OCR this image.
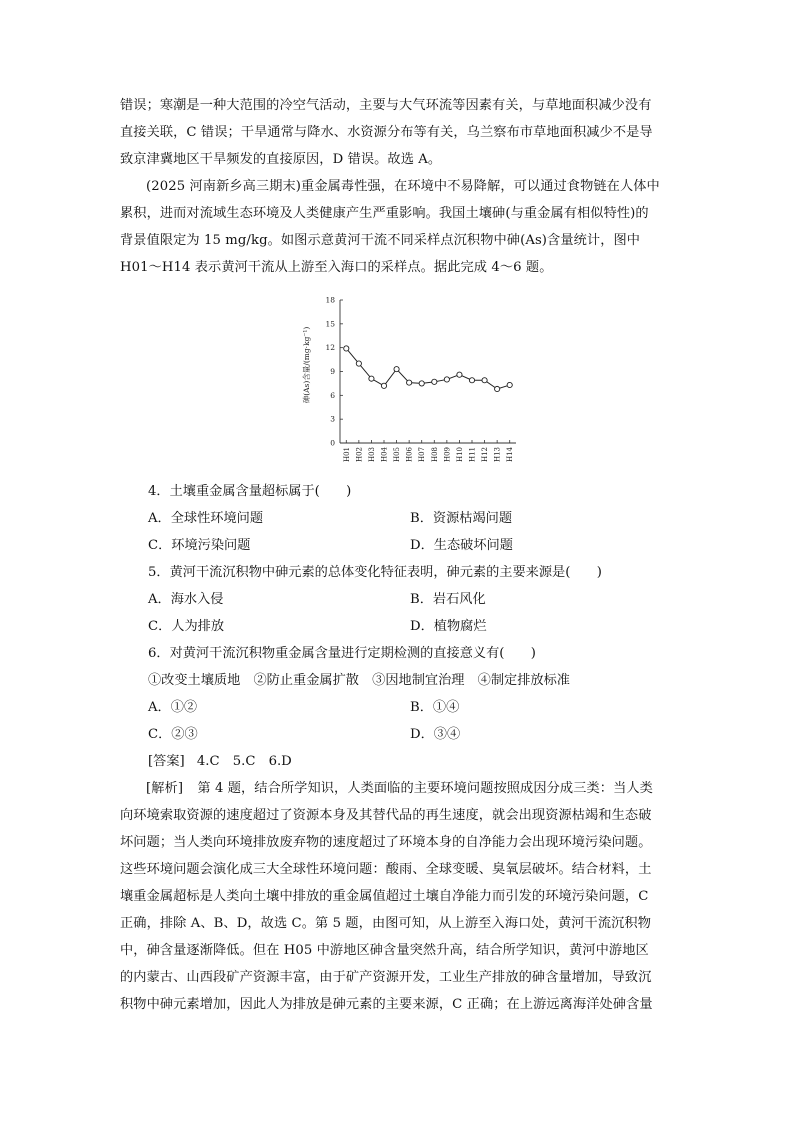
错误；寒潮是一种大范围的冷空气活动，主要与大气环流等因素有关，与草地面积减少没有
直接关联，C 错误；干旱通常与降水、水资源分布等有关，乌兰察布市草地面积减少不是导
致京津冀地区干旱频发的直接原因，D 错误。故选 A。
(2025 河南新乡高三期末)重金属毒性强，在环境中不易降解，可以通过食物链在人体中
累积，进而对流域生态环境及人类健康产生严重影响。我国土壤砷(与重金属有相似特性)的
背景值限定为 15 mg/kg。如图示意黄河干流不同采样点沉积物中砷(As)含量统计，图中
H01～H14 表示黄河干流从上游至入海口的采样点。据此完成 4～6 题。
0
3
6
9
12
15
18
H01 H02 H03 H04 H05 H06 H07 H08 H09 H10 H11 H12 H13 H14
砷(As)含量/(mg·kg⁻¹)
4．土壤重金属含量超标属于(　　)
A．全球性环境问题	B．资源枯竭问题
C．环境污染问题	D．生态破坏问题
5．黄河干流沉积物中砷元素的总体变化特征表明，砷元素的主要来源是(　　)
A．海水入侵	B．岩石风化
C．人为排放	D．植物腐烂
6．对黄河干流沉积物重金属含量进行定期检测的直接意义有(　　)
①改变土壤质地　②防止重金属扩散　③因地制宜治理　④制定排放标准
A．①②	B．①④
C．②③	D．③④
[答案] 4.C　5.C　6.D
[解析] 第 4 题，结合所学知识，人类面临的主要环境问题按照成因分成三类：当人类
向环境索取资源的速度超过了资源本身及其替代品的再生速度，就会出现资源枯竭和生态破
坏问题；当人类向环境排放废弃物的速度超过了环境本身的自净能力会出现环境污染问题。
这些环境问题会演化成三大全球性环境问题：酸雨、全球变暖、臭氧层破坏。结合材料，土
壤重金属超标是人类向土壤中排放的重金属值超过土壤自净能力而引发的环境污染问题，C
正确，排除 A、B、D，故选 C。第 5 题，由图可知，从上游至入海口处，黄河干流沉积物
中，砷含量逐渐降低。但在 H05 中游地区砷含量突然升高，结合所学知识，黄河中游地区
的内蒙古、山西段矿产资源丰富，由于矿产资源开发，工业生产排放的砷含量增加，导致沉
积物中砷元素增加，因此人为排放是砷元素的主要来源，C 正确；在上游远离海洋处砷含量
